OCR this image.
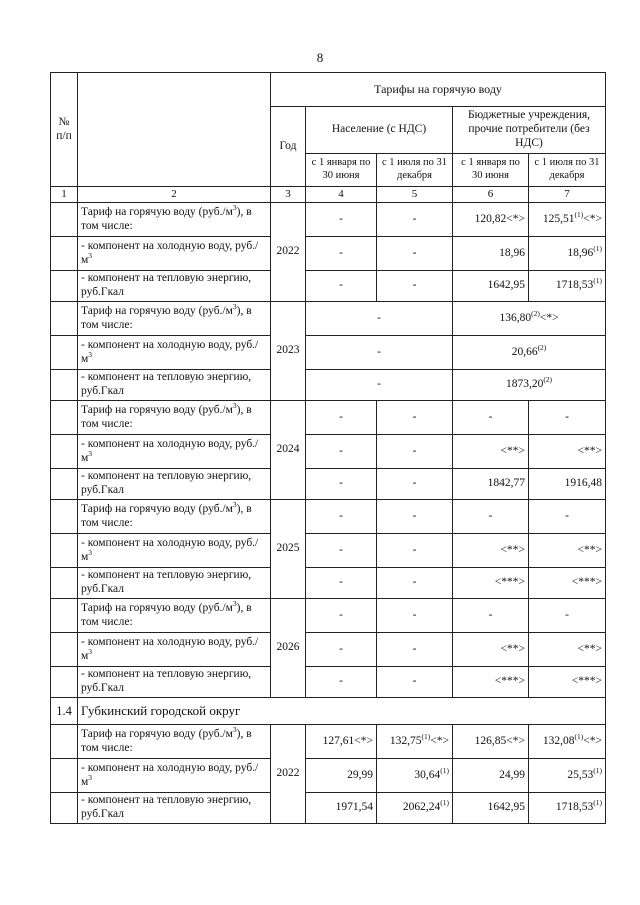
8
№ п/п		Тарифы на горячую воду				
		Год	Население (с НДС)		Бюджетные учреждения, прочие потребители (без НДС)	
			с 1 января по 30 июня	с 1 июля по 31 декабря	с 1 января по 30 июня	с 1 июля по 31 декабря
1	2	3	4	5	6	7
	Тариф на горячую воду $(руб./м^3)$, в том числе:	2022	-	-	120,82<*>	$125,51^{(1)}<*>$
	- компонент на холодную воду, $руб./м^3$		-	-	18,96	18,96$^{(1)}$
	- компонент на тепловую энергию, руб.Гкал		-	-	1642,95	1718,53$^{(1)}$
	Тариф на горячую воду $(руб./м^3)$, в том числе:	2023	-		$136,80^{(2)}<*>$	
	- компонент на холодную воду, $руб./м^3$		-		20,66$^{(2)}$
	- компонент на тепловую энергию, руб.Гкал		-		1873,20$^{(2)}$
	Тариф на горячую воду $(руб./м^3)$, в том числе:	2024	-	-	-	-
	- компонент на холодную воду, $руб./м^3$		-	-	<**>	<**>
	- компонент на тепловую энергию, руб.Гкал		-	-	1842,77	1916,48
	Тариф на горячую воду $(руб./м^3)$, в том числе:	2025	-	-	-	-
	- компонент на холодную воду, $руб./м^3$		-	-	<**>	<**>
	- компонент на тепловую энергию, руб.Гкал		-	-	<***>	<***>
	Тариф на горячую воду $(руб./м^3)$, в том числе:	2026	-	-	-	-
	- компонент на холодную воду, $руб./м^3$		-	-	<**>	<**>
	- компонент на тепловую энергию, руб.Гкал		-	-	<***>	<***>
1.4	Губкинский городской округ					
	Тариф на горячую воду $(руб./м^3)$, в том числе:	2022	127,61<*>	$132,75^{(1)}<*>$	126,85<*>	$132,08^{(1)}<*>$
	- компонент на холодную воду, $руб./м^3$		29,99	30,64$^{(1)}$	24,99	25,53$^{(1)}$
	- компонент на тепловую энергию, руб.Гкал		1971,54	2062,24$^{(1)}$	1642,95	1718,53$^{(1)}$
